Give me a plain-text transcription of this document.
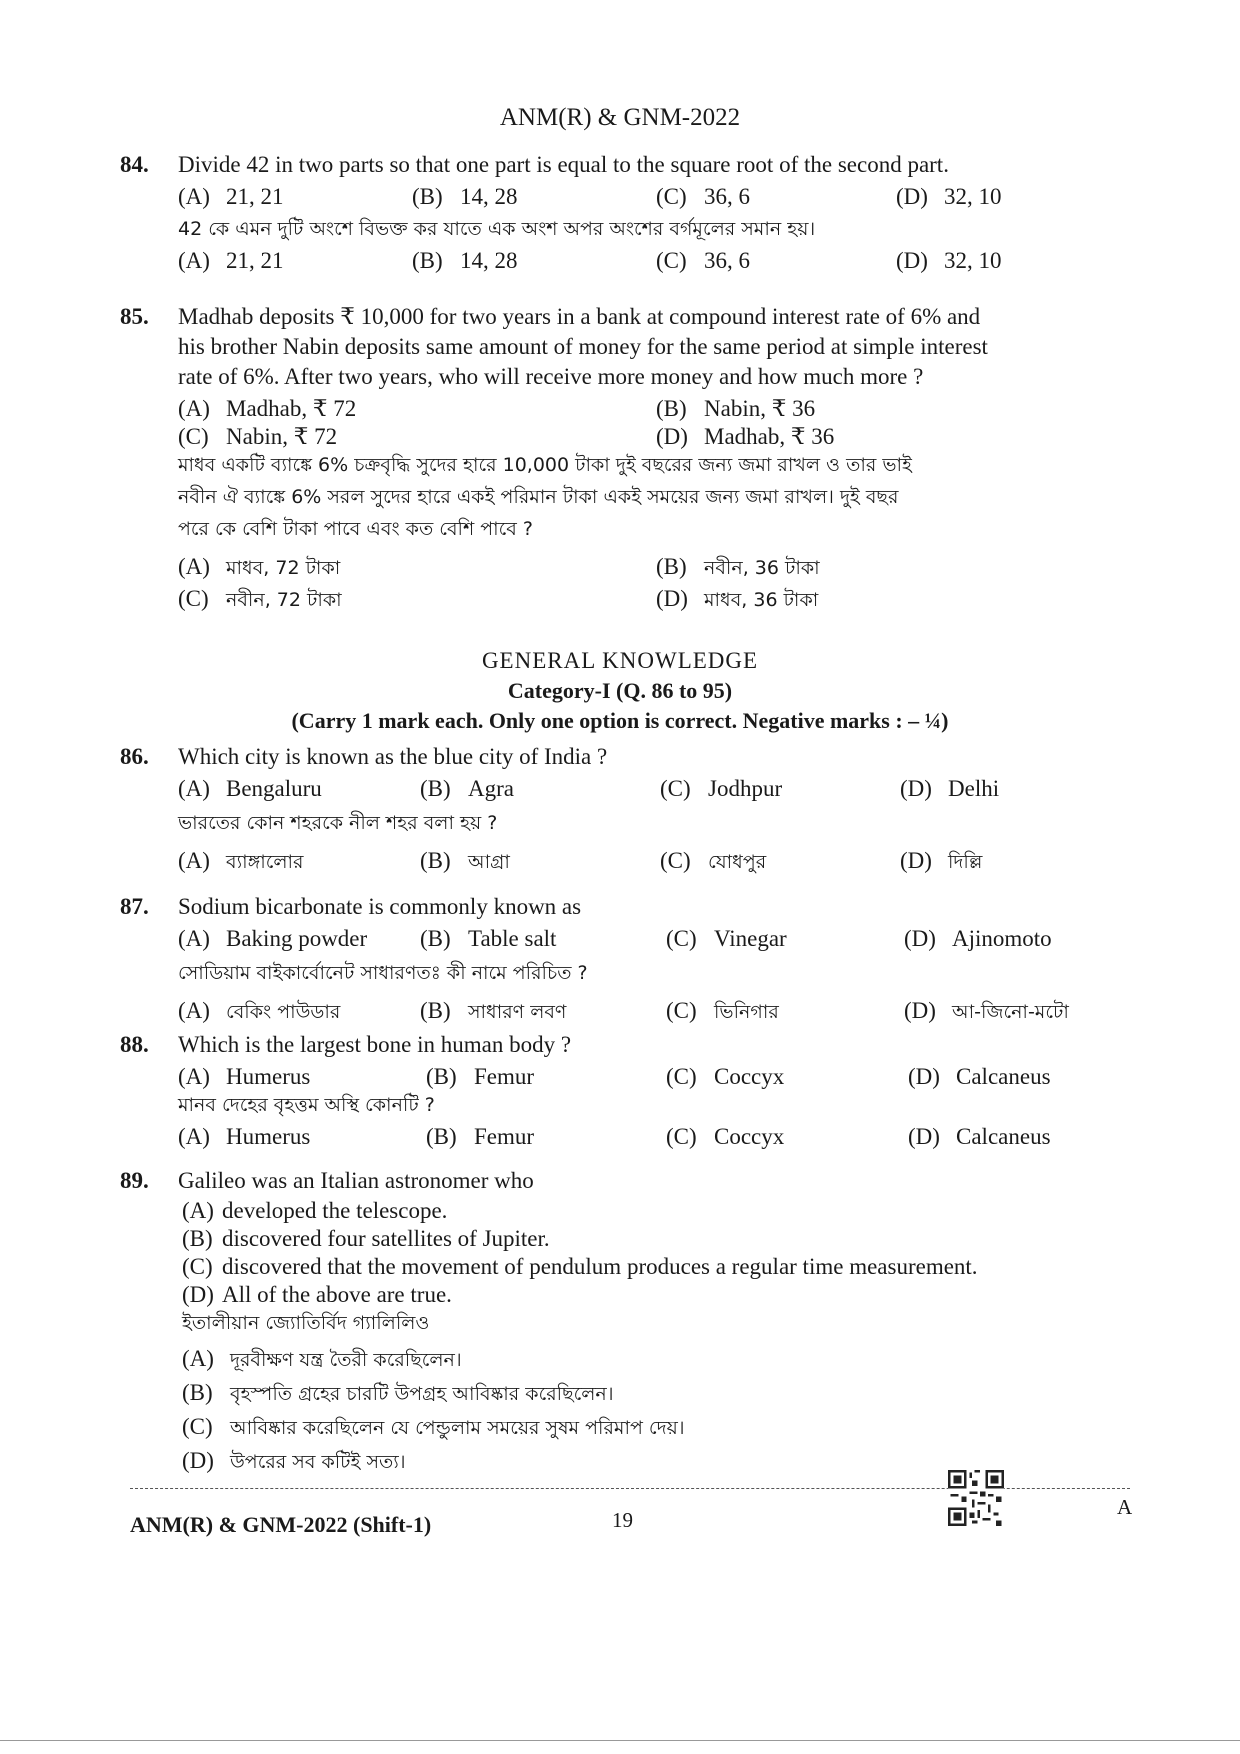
ANM(R) & GNM-2022
84. Divide 42 in two parts so that one part is equal to the square root of the second part.
(A) 21, 21	(B) 14, 28	(C) 36, 6	(D) 32, 10
42 কে এমন দুটি অংশে বিভক্ত কর যাতে এক অংশ অপর অংশের বর্গমূলের সমান হয়।
(A) 21, 21	(B) 14, 28	(C) 36, 6	(D) 32, 10
85. Madhab deposits ₹ 10,000 for two years in a bank at compound interest rate of 6% and
his brother Nabin deposits same amount of money for the same period at simple interest
rate of 6%. After two years, who will receive more money and how much more ?
(A) Madhab, ₹ 72	(B) Nabin, ₹ 36
(C) Nabin, ₹ 72	(D) Madhab, ₹ 36
মাধব একটি ব্যাঙ্কে 6% চক্রবৃদ্ধি সুদের হারে 10,000 টাকা দুই বছরের জন্য জমা রাখল ও তার ভাই
নবীন ঐ ব্যাঙ্কে 6% সরল সুদের হারে একই পরিমান টাকা একই সময়ের জন্য জমা রাখল। দুই বছর
পরে কে বেশি টাকা পাবে এবং কত বেশি পাবে ?
(A) মাধব, 72 টাকা	(B) নবীন, 36 টাকা
(C) নবীন, 72 টাকা	(D) মাধব, 36 টাকা
GENERAL KNOWLEDGE
Category-I (Q. 86 to 95)
(Carry 1 mark each. Only one option is correct. Negative marks : – ¼)
86. Which city is known as the blue city of India ?
(A) Bengaluru	(B) Agra	(C) Jodhpur	(D) Delhi
ভারতের কোন শহরকে নীল শহর বলা হয় ?
(A) ব্যাঙ্গালোর	(B) আগ্রা	(C) যোধপুর	(D) দিল্লি
87. Sodium bicarbonate is commonly known as
(A) Baking powder (B) Table salt	(C) Vinegar	(D) Ajinomoto
সোডিয়াম বাইকার্বোনেট সাধারণতঃ কী নামে পরিচিত ?
(A) বেকিং পাউডার	(B) সাধারণ লবণ	(C) ভিনিগার	(D) আ-জিনো-মটো
88. Which is the largest bone in human body ?
(A) Humerus	(B) Femur	(C) Coccyx	(D) Calcaneus
মানব দেহের বৃহত্তম অস্থি কোনটি ?
(A) Humerus	(B) Femur	(C) Coccyx	(D) Calcaneus
89. Galileo was an Italian astronomer who
(A) developed the telescope.
(B) discovered four satellites of Jupiter.
(C) discovered that the movement of pendulum produces a regular time measurement.
(D) All of the above are true.
ইতালীয়ান জ্যোতির্বিদ গ্যালিলিও
(A) দূরবীক্ষণ যন্ত্র তৈরী করেছিলেন।
(B) বৃহস্পতি গ্রহের চারটি উপগ্রহ আবিষ্কার করেছিলেন।
(C) আবিষ্কার করেছিলেন যে পেন্ডুলাম সময়ের সুষম পরিমাপ দেয়।
(D) উপরের সব কটিই সত্য।
ANM(R) & GNM-2022 (Shift-1)	19
A
